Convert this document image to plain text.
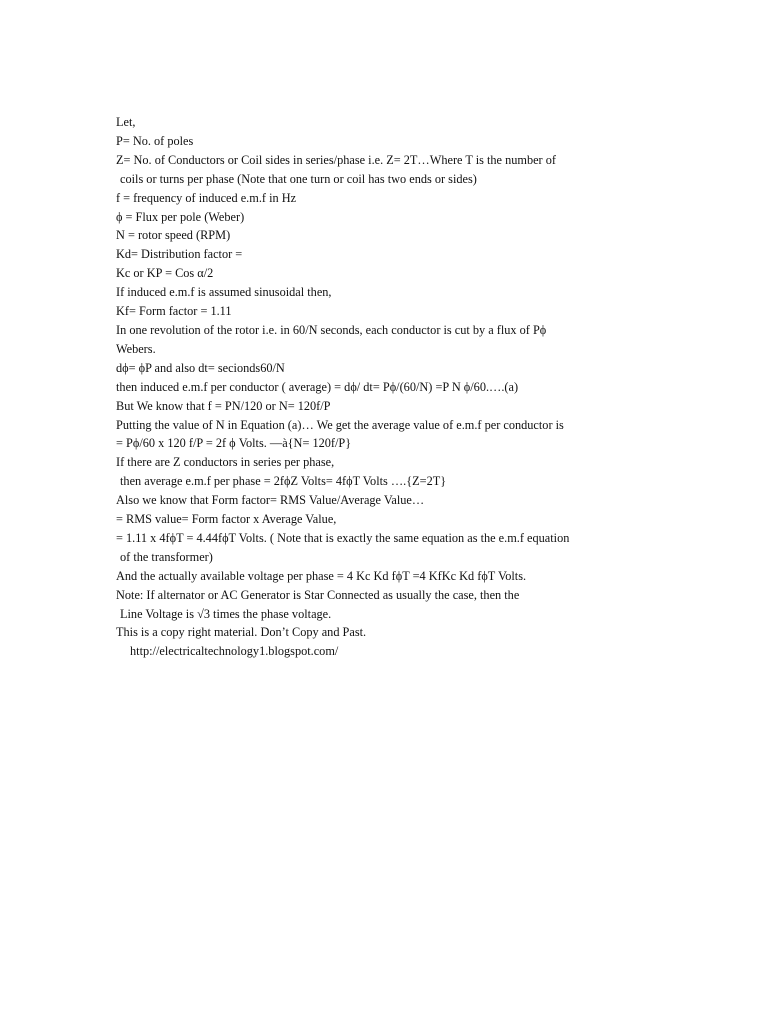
Let,
P= No. of poles
Z= No. of Conductors or Coil sides in series/phase i.e. Z= 2T…Where T is the number of
coils or turns per phase (Note that one turn or coil has two ends or sides)
f = frequency of induced e.m.f in Hz
ϕ = Flux per pole (Weber)
N = rotor speed (RPM)
Kd= Distribution factor =
Kc or KP = Cos α/2
If induced e.m.f is assumed sinusoidal then,
Kf= Form factor = 1.11
In one revolution of the rotor i.e. in 60/N seconds, each conductor is cut by a flux of Pϕ
Webers.
dϕ= ϕP and also dt= secionds60/N
then induced e.m.f per conductor ( average) = dϕ/ dt= Pϕ/(60/N) =P N ϕ/60.….(a)
But We know that f = PN/120 or N= 120f/P
Putting the value of N in Equation (a)… We get the average value of e.m.f per conductor is
= Pϕ/60 x 120 f/P = 2f ϕ Volts. —à{N= 120f/P}
If there are Z conductors in series per phase,
then average e.m.f per phase = 2fϕZ Volts= 4fϕT Volts ….{Z=2T}
Also we know that Form factor= RMS Value/Average Value…
= RMS value= Form factor x Average Value,
= 1.11 x 4fϕT = 4.44fϕT Volts. ( Note that is exactly the same equation as the e.m.f equation
of the transformer)
And the actually available voltage per phase = 4 Kc Kd fϕT =4 KfKc Kd fϕT Volts.
Note: If alternator or AC Generator is Star Connected as usually the case, then the
Line Voltage is √3 times the phase voltage.
This is a copy right material. Don’t Copy and Past.
http://electricaltechnology1.blogspot.com/
